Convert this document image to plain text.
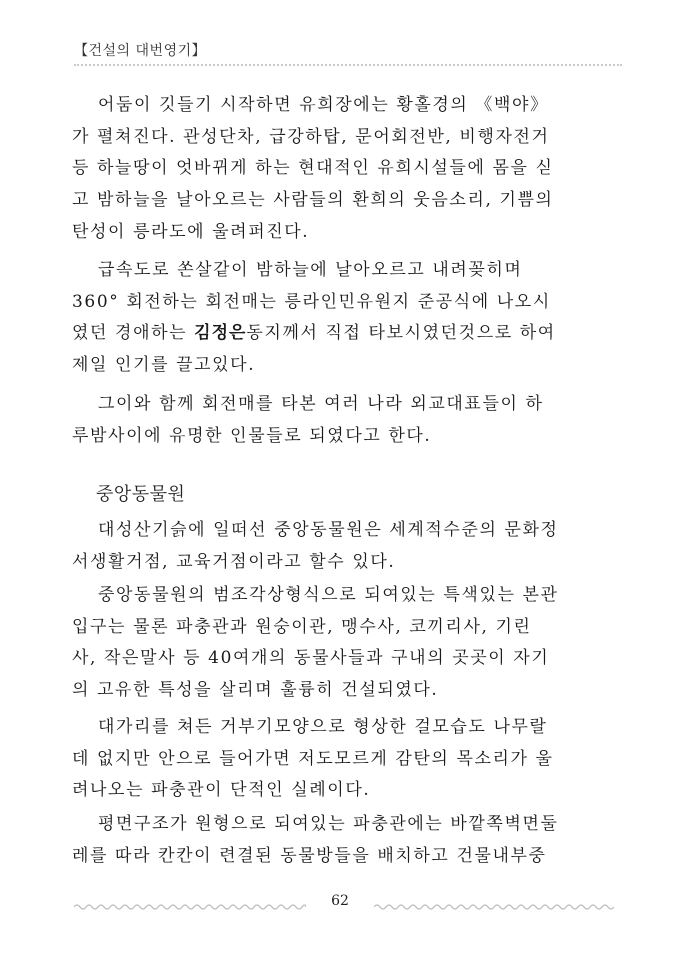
【건설의 대번영기】

어둠이 깃들기 시작하면 유희장에는 황홀경의 《백야》
가 펼쳐진다. 관성단차, 급강하탑, 문어회전반, 비행자전거
등 하늘땅이 엇바뀌게 하는 현대적인 유희시설들에 몸을 싣
고 밤하늘을 날아오르는 사람들의 환희의 웃음소리, 기쁨의
탄성이 릉라도에 울려퍼진다.

급속도로 쏜살같이 밤하늘에 날아오르고 내려꽂히며
360° 회전하는 회전매는 릉라인민유원지 준공식에 나오시
였던 경애하는 김정은동지께서 직접 타보시였던것으로 하여
제일 인기를 끌고있다.

그이와 함께 회전매를 타본 여러 나라 외교대표들이 하
루밤사이에 유명한 인물들로 되였다고 한다.

중앙동물원

대성산기슭에 일떠선 중앙동물원은 세계적수준의 문화정
서생활거점, 교육거점이라고 할수 있다.

중앙동물원의 범조각상형식으로 되여있는 특색있는 본관
입구는 물론 파충관과 원숭이관, 맹수사, 코끼리사, 기린
사, 작은말사 등 40여개의 동물사들과 구내의 곳곳이 자기
의 고유한 특성을 살리며 훌륭히 건설되였다.

대가리를 쳐든 거부기모양으로 형상한 걸모습도 나무랄
데 없지만 안으로 들어가면 저도모르게 감탄의 목소리가 울
려나오는 파충관이 단적인 실례이다.

평면구조가 원형으로 되여있는 파충관에는 바깥쪽벽면둘
레를 따라 칸칸이 련결된 동물방들을 배치하고 건물내부중

62
